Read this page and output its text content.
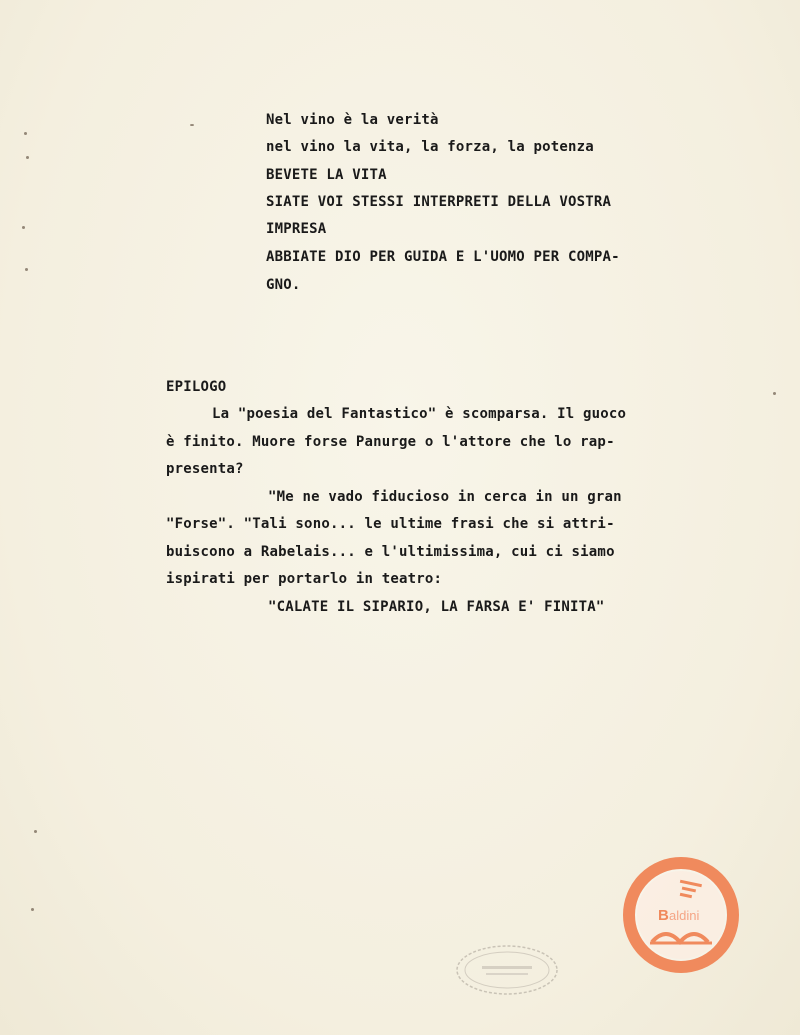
Nel vino è la verità
nel vino la vita, la forza, la potenza
BEVETE LA VITA
SIATE VOI STESSI INTERPRETI DELLA VOSTRA
IMPRESA
ABBIATE DIO PER GUIDA E L'UOMO PER COMPA-
GNO.
EPILOGO
La "poesia del Fantastico" è scomparsa. Il guoco
è finito. Muore forse Panurge o l'attore che lo rap-
presenta?
"Me ne vado fiducioso in cerca in un gran
"Forse". "Tali sono... le ultime frasi che si attri-
buiscono a Rabelais... e l'ultimissima, cui ci siamo
ispirati per portarlo in teatro:
"CALATE IL SIPARIO, LA FARSA E' FINITA"
B aldini
